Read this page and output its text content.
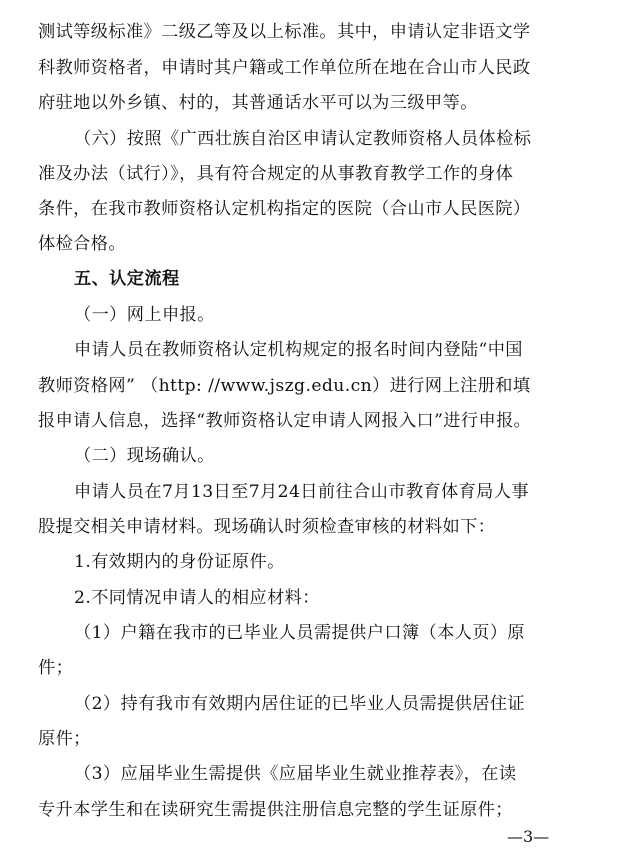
测试等级标准》二级乙等及以上标准。其中，申请认定非语文学
科教师资格者，申请时其户籍或工作单位所在地在合山市人民政
府驻地以外乡镇、村的，其普通话水平可以为三级甲等。
（六）按照《广西壮族自治区申请认定教师资格人员体检标
准及办法（试行）》，具有符合规定的从事教育教学工作的身体
条件，在我市教师资格认定机构指定的医院（合山市人民医院）
体检合格。
五、认定流程
（一）网上申报。
申请人员在教师资格认定机构规定的报名时间内登陆“中国
教师资格网” （http: //www.jszg.edu.cn）进行网上注册和填
报申请人信息，选择“教师资格认定申请人网报入口”进行申报。
（二）现场确认。
申请人员在7月13日至7月24日前往合山市教育体育局人事
股提交相关申请材料。现场确认时须检查审核的材料如下：
1.有效期内的身份证原件。
2.不同情况申请人的相应材料：
（1）户籍在我市的已毕业人员需提供户口簿（本人页）原
件；
（2）持有我市有效期内居住证的已毕业人员需提供居住证
原件；
（3）应届毕业生需提供《应届毕业生就业推荐表》，在读
专升本学生和在读研究生需提供注册信息完整的学生证原件；
—3—
